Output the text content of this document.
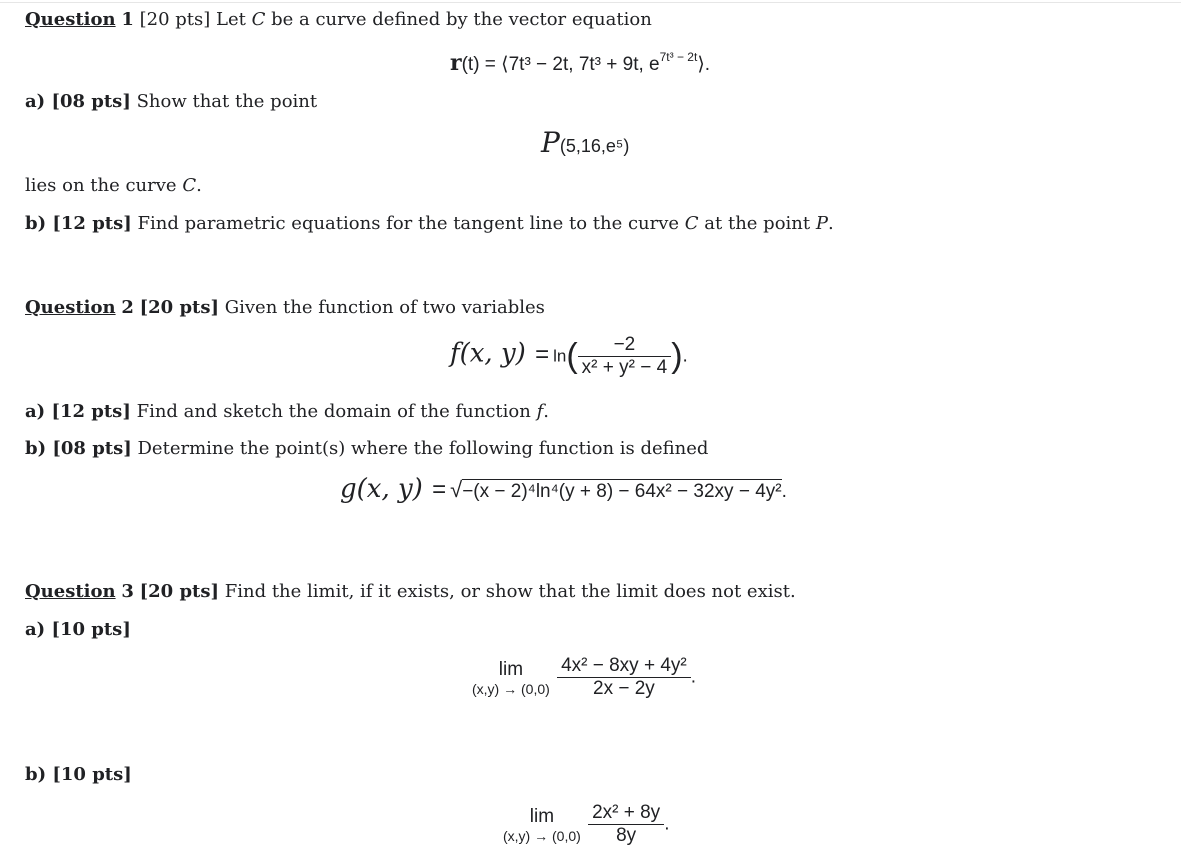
Question 1 [20 pts] Let C be a curve defined by the vector equation
r(t) = ⟨7t³ − 2t, 7t³ + 9t, $e^{7t^3 - 2t}⟩$.
a) [08 pts] Show that the point
P(5,16,e⁵)
lies on the curve C.
b) [12 pts] Find parametric equations for the tangent line to the curve C at the point P.
Question 2 [20 pts] Given the function of two variables
f(x, $y) = \ln( \frac{-2}{\text{x² + y² − 4}}$ ).
a) [12 pts] Find and sketch the domain of the function f.
b) [08 pts] Determine the point(s) where the following function is defined
g(x, y) = √−(x − 2)⁴ln⁴(y + 8) − 64x² − 32xy − 4y².
Question 3 [20 pts] Find the limit, if it exists, or show that the limit does not exist.
a) [10 pts]
lim
(x,y) → (0,0)
$\frac{\text{4x² − 8xy + 4y²}}{2x - 2y}$ .
b) [10 pts]
lim
(x,y) → (0,0)
$\frac{\text{2x² + 8y}}{8y}$ .
